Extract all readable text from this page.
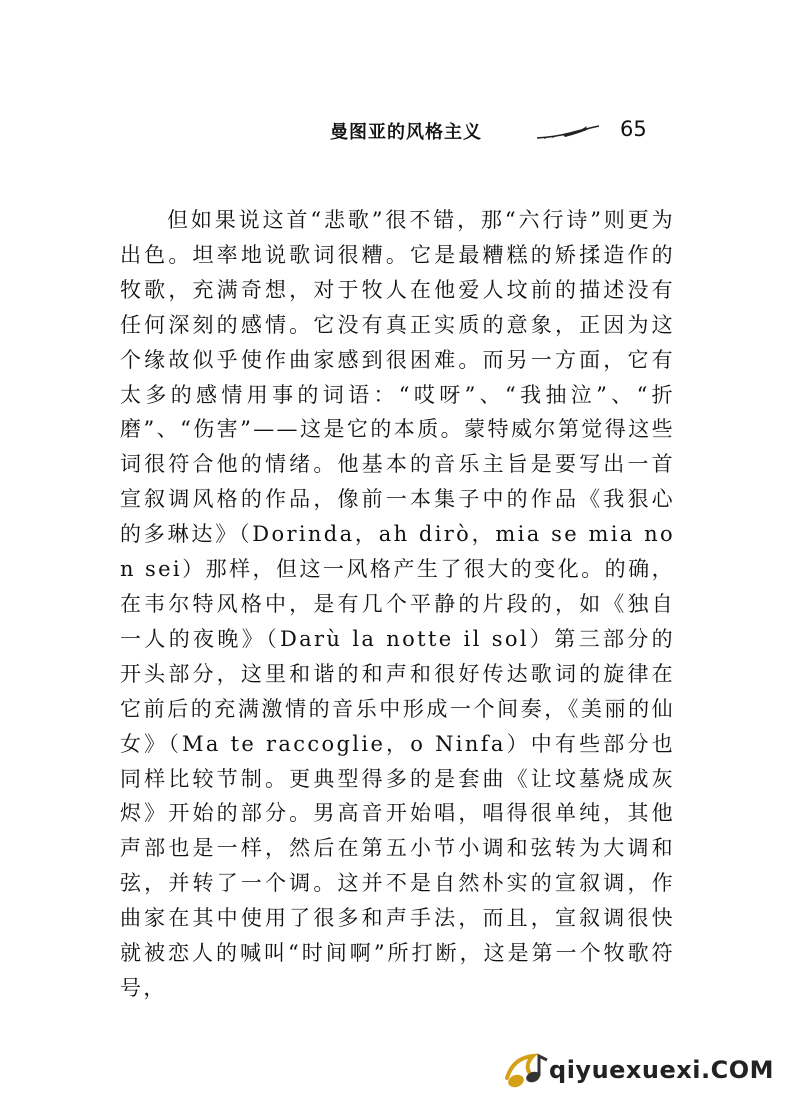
曼图亚的风格主义	65

但如果说这首“悲歌”很不错，那“六行诗”则更为出色。坦率地说歌词很糟。它是最糟糕的矫揉造作的牧歌，充满奇想，对于牧人在他爱人坟前的描述没有任何深刻的感情。它没有真正实质的意象，正因为这个缘故似乎使作曲家感到很困难。而另一方面，它有太多的感情用事的词语：“哎呀”、“我抽泣”、“折磨”、“伤害”——这是它的本质。蒙特威尔第觉得这些词很符合他的情绪。他基本的音乐主旨是要写出一首宣叙调风格的作品，像前一本集子中的作品《我狠心的多琳达》（Dorinda，ah dirò，mia se mia non sei）那样，但这一风格产生了很大的变化。的确，在韦尔特风格中，是有几个平静的片段的，如《独自一人的夜晚》（Darù la notte il sol）第三部分的开头部分，这里和谐的和声和很好传达歌词的旋律在它前后的充满激情的音乐中形成一个间奏，《美丽的仙女》（Ma te raccoglie，o Ninfa）中有些部分也同样比较节制。更典型得多的是套曲《让坟墓烧成灰烬》开始的部分。男高音开始唱，唱得很单纯，其他声部也是一样，然后在第五小节小调和弦转为大调和弦，并转了一个调。这并不是自然朴实的宣叙调，作曲家在其中使用了很多和声手法，而且，宣叙调很快就被恋人的喊叫“时间啊”所打断，这是第一个牧歌符号，

qiyuexuexi.COM
